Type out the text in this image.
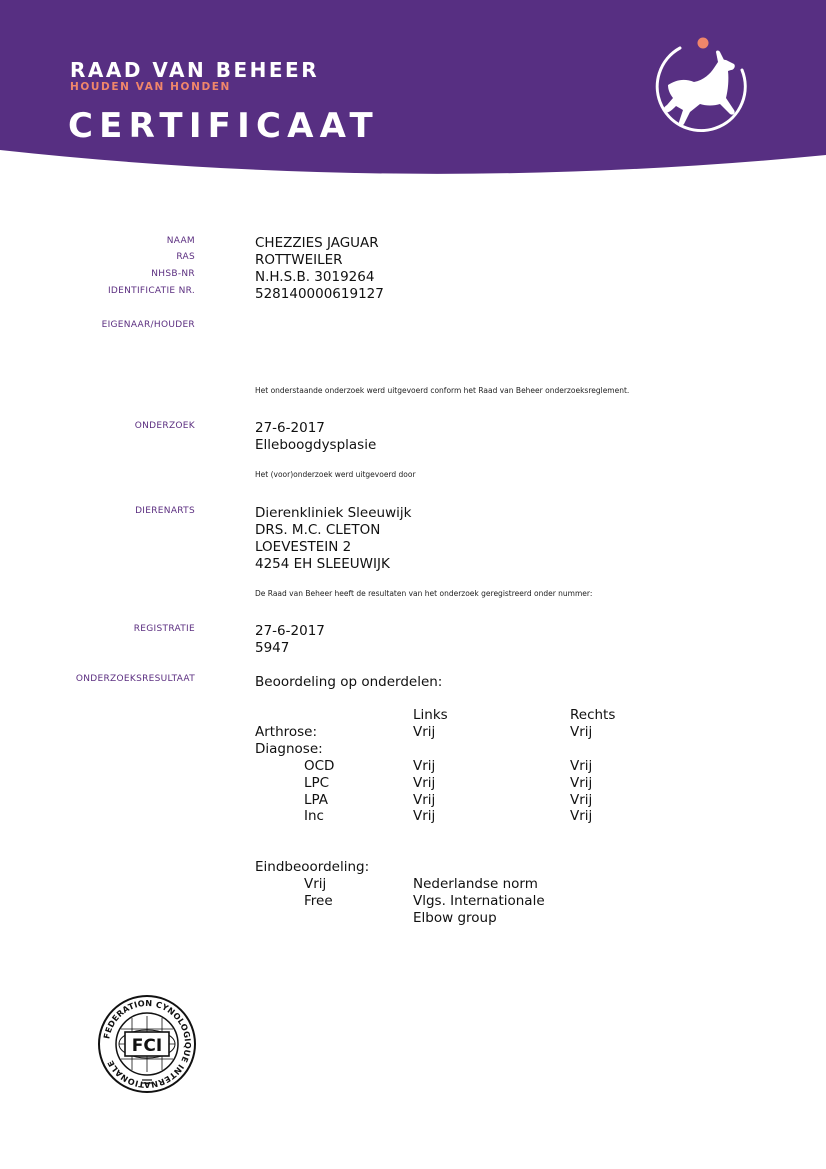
RAAD VAN BEHEER
HOUDEN VAN HONDEN
CERTIFICAAT
NAAM	CHEZZIES JAGUAR
RAS	ROTTWEILER
NHSB-NR	N.H.S.B. 3019264
IDENTIFICATIE NR.	528140000619127
EIGENAAR/HOUDER
Het onderstaande onderzoek werd uitgevoerd conform het Raad van Beheer onderzoeksreglement.
ONDERZOEK	27-6-2017
Elleboogdysplasie
Het (voor)onderzoek werd uitgevoerd door
DIERENARTS	Dierenkliniek Sleeuwijk
DRS. M.C. CLETON
LOEVESTEIN 2
4254 EH SLEEUWIJK
De Raad van Beheer heeft de resultaten van het onderzoek geregistreerd onder nummer:
REGISTRATIE	27-6-2017
5947
ONDERZOEKSRESULTAAT	Beoordeling op onderdelen:
Links	Rechts
Arthrose:	Vrij	Vrij
Diagnose:
OCD	Vrij	Vrij
LPC	Vrij	Vrij
LPA	Vrij	Vrij
Inc	Vrij	Vrij
Eindbeoordeling:
Vrij	Nederlandse norm
Free	Vlgs. Internationale
Elbow group
FEDERATION CYNOLOGIQUE INTERNATIONALE
FCI
